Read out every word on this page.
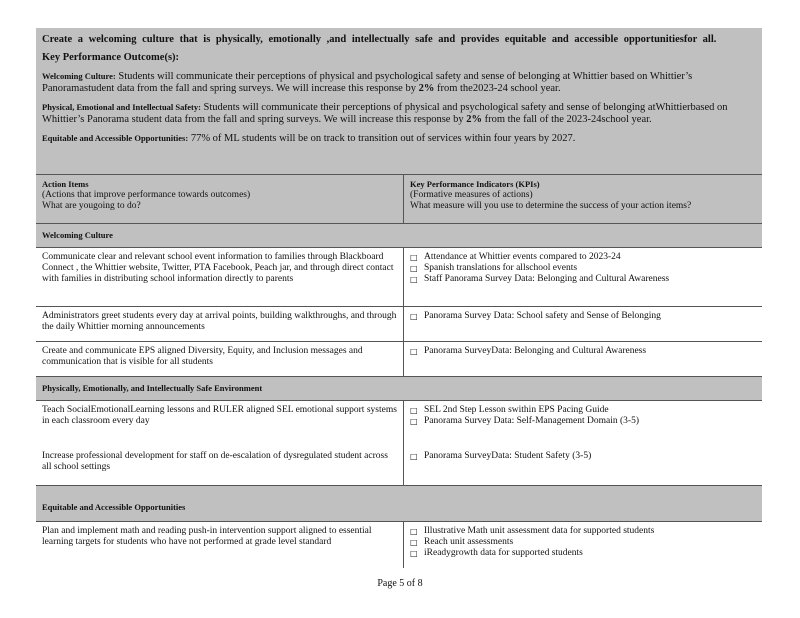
Create a welcoming culture that is physically, emotionally ,and intellectually safe and provides equitable and accessible opportunitiesfor all.
Key Performance Outcome(s):
Welcoming Culture: Students will communicate their perceptions of physical and psychological safety and sense of belonging at Whittier based on Whittier’s Panoramastudent data from the fall and spring surveys. We will increase this response by 2% from the2023-24 school year.
Physical, Emotional and Intellectual Safety: Students will communicate their perceptions of physical and psychological safety and sense of belonging atWhittierbased on Whittier’s Panorama student data from the fall and spring surveys. We will increase this response by 2% from the fall of the 2023-24school year.
Equitable and Accessible Opportunities: 77% of ML students will be on track to transition out of services within four years by 2027.
Action Items
(Actions that improve performance towards outcomes)
What are yougoing to do?
Key Performance Indicators (KPIs)
(Formative measures of actions)
What measure will you use to determine the success of your action items?
Welcoming Culture
Communicate clear and relevant school event information to families through Blackboard Connect , the Whittier website, Twitter, PTA Facebook, Peach jar, and through direct contact with families in distributing school information directly to parents
□ Attendance at Whittier events compared to 2023-24
□ Spanish translations for allschool events
□ Staff Panorama Survey Data: Belonging and Cultural Awareness
Administrators greet students every day at arrival points, building walkthroughs, and through the daily Whittier morning announcements
□ Panorama Survey Data: School safety and Sense of Belonging
Create and communicate EPS aligned Diversity, Equity, and Inclusion messages and communication that is visible for all students
□ Panorama SurveyData: Belonging and Cultural Awareness
Physically, Emotionally, and Intellectually Safe Environment
Teach SocialEmotionalLearning lessons and RULER aligned SEL emotional support systems in each classroom every day
□ SEL 2nd Step Lesson swithin EPS Pacing Guide
□ Panorama Survey Data: Self-Management Domain (3-5)
Increase professional development for staff on de-escalation of dysregulated student across all school settings
□ Panorama SurveyData: Student Safety (3-5)
Equitable and Accessible Opportunities
Plan and implement math and reading push-in intervention support aligned to essential learning targets for students who have not performed at grade level standard
□ Illustrative Math unit assessment data for supported students
□ Reach unit assessments
□ iReadygrowth data for supported students
Page 5 of 8
